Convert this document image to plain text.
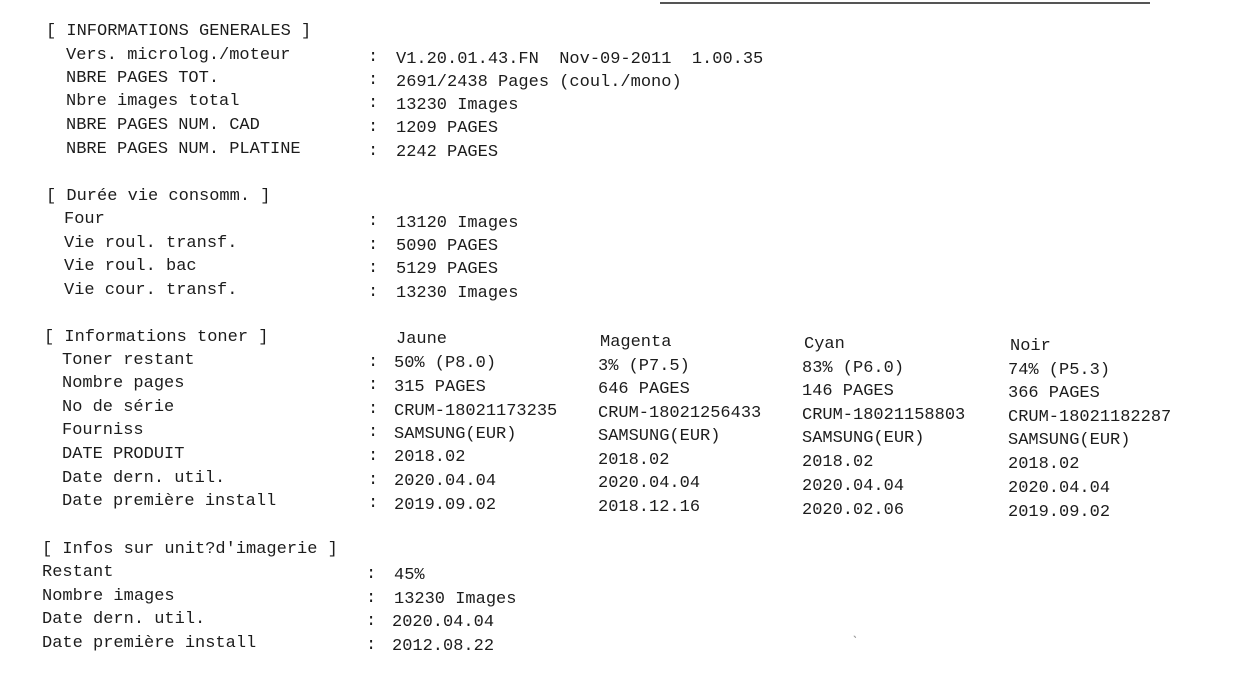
[ INFORMATIONS GENERALES ]
Vers. microlog./moteur	: V1.20.01.43.FN  Nov-09-2011  1.00.35
NBRE PAGES TOT.	: 2691/2438 Pages (coul./mono)
Nbre images total	: 13230 Images
NBRE PAGES NUM. CAD	: 1209 PAGES
NBRE PAGES NUM. PLATINE	: 2242 PAGES
[ Durée vie consomm. ]
Four	: 13120 Images
Vie roul. transf.	: 5090 PAGES
Vie roul. bac	: 5129 PAGES
Vie cour. transf.	: 13230 Images
[ Informations toner ]	Jaune	Magenta	Cyan	Noir
Toner restant	: 50% (P8.0)	3% (P7.5)	83% (P6.0)	74% (P5.3)
Nombre pages	: 315 PAGES	646 PAGES	146 PAGES	366 PAGES
No de série	: CRUM-18021173235 CRUM-18021256433 CRUM-18021158803	CRUM-18021182287
Fourniss	: SAMSUNG(EUR)	SAMSUNG(EUR)	SAMSUNG(EUR)	SAMSUNG(EUR)
DATE PRODUIT	: 2018.02	2018.02	2018.02	2018.02
Date dern. util.	: 2020.04.04	2020.04.04	2020.04.04	2020.04.04
Date première install	: 2019.09.02	2018.12.16	2020.02.06	2019.09.02
[ Infos sur unit?d'imagerie ]
Restant	: 45%
Nombre images	: 13230 Images
Date dern. util.	: 2020.04.04
Date première install	: 2012.08.22
ˎ
